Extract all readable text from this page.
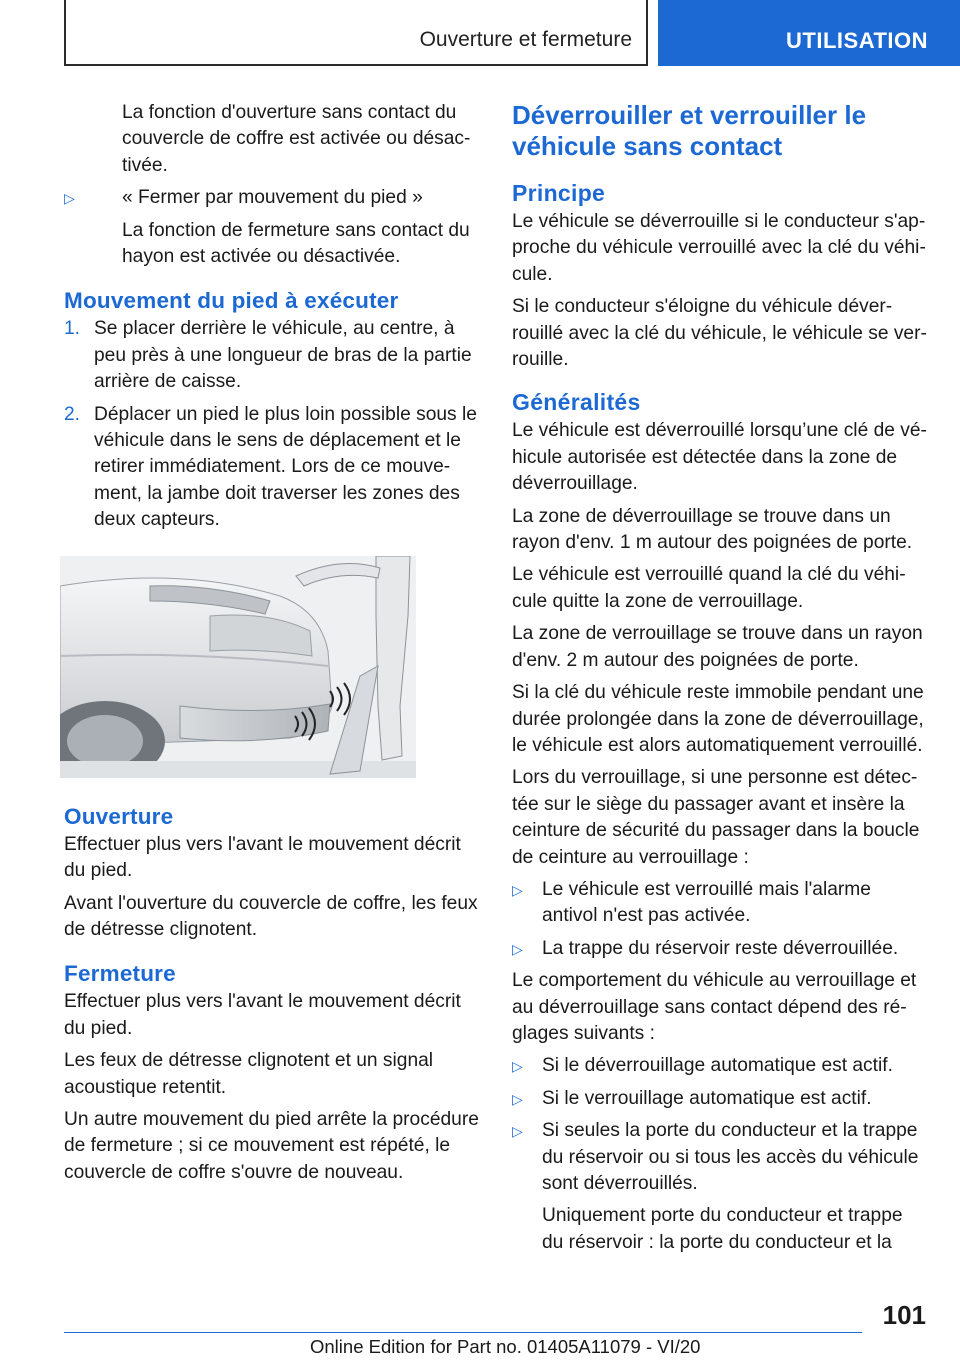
Ouverture et fermeture	UTILISATION

La fonction d'ouverture sans contact du couvercle de coffre est activée ou désactivée.

▷ « Fermer par mouvement du pied »

La fonction de fermeture sans contact du hayon est activée ou désactivée.

Mouvement du pied à exécuter
1. Se placer derrière le véhicule, au centre, à peu près à une longueur de bras de la partie arrière de caisse.
2. Déplacer un pied le plus loin possible sous le véhicule dans le sens de déplacement et le retirer immédiatement. Lors de ce mouvement, la jambe doit traverser les zones des deux capteurs.
Ouverture

Effectuer plus vers l'avant le mouvement décrit du pied.

Avant l'ouverture du couvercle de coffre, les feux de détresse clignotent.

Fermeture

Effectuer plus vers l'avant le mouvement décrit du pied.

Les feux de détresse clignotent et un signal acoustique retentit.

Un autre mouvement du pied arrête la procédure de fermeture ; si ce mouvement est répété, le couvercle de coffre s'ouvre de nouveau.

Déverrouiller et verrouiller le véhicule sans contact
Principe

Le véhicule se déverrouille si le conducteur s'approche du véhicule verrouillé avec la clé du véhicule.

Si le conducteur s'éloigne du véhicule déverrouillé avec la clé du véhicule, le véhicule se verrouille.

Généralités

Le véhicule est déverrouillé lorsqu’une clé de véhicule autorisée est détectée dans la zone de déverrouillage.

La zone de déverrouillage se trouve dans un rayon d'env. 1 m autour des poignées de porte.

Le véhicule est verrouillé quand la clé du véhicule quitte la zone de verrouillage.

La zone de verrouillage se trouve dans un rayon d'env. 2 m autour des poignées de porte.

Si la clé du véhicule reste immobile pendant une durée prolongée dans la zone de déverrouillage, le véhicule est alors automatiquement verrouillé.

Lors du verrouillage, si une personne est détectée sur le siège du passager avant et insère la ceinture de sécurité du passager dans la boucle de ceinture au verrouillage :

▷ Le véhicule est verrouillé mais l'alarme antivol n'est pas activée.
▷ La trappe du réservoir reste déverrouillée.

Le comportement du véhicule au verrouillage et au déverrouillage sans contact dépend des réglages suivants :

▷ Si le déverrouillage automatique est actif.
▷ Si le verrouillage automatique est actif.
▷ Si seules la porte du conducteur et la trappe du réservoir ou si tous les accès du véhicule sont déverrouillés.

Uniquement porte du conducteur et trappe du réservoir : la porte du conducteur et la

101
Online Edition for Part no. 01405A11079 - VI/20
